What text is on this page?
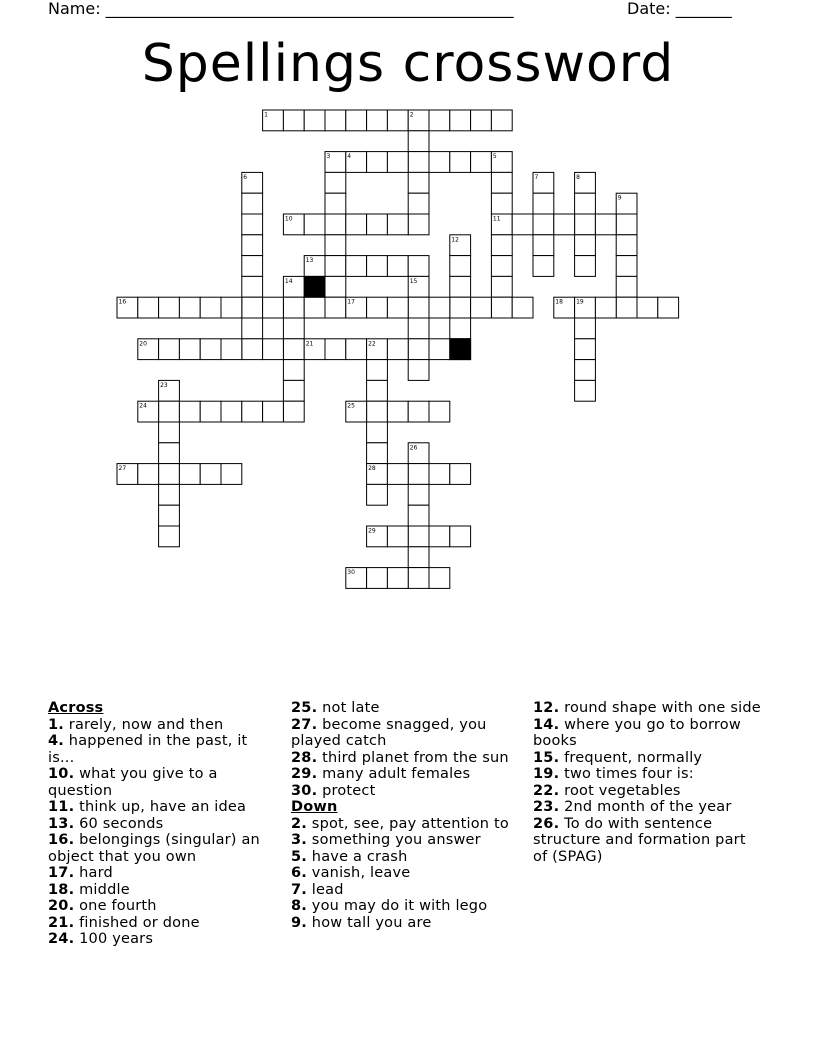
Name: ___________________________________________________	Date: _______
Spellings crossword
1	2
3	4	5
6	7	8
9
10	11
12
13
14	15
16	17	18 19
20	21	22
23
24	25
26
27	28
29
30
Across
1. rarely, now and then
4. happened in the past, it is...
10. what you give to a question
11. think up, have an idea
13. 60 seconds
16. belongings (singular) an object that you own
17. hard
18. middle
20. one fourth
21. finished or done
24. 100 years
25. not late
27. become snagged, you played catch
28. third planet from the sun
29. many adult females
30. protect
Down
2. spot, see, pay attention to
3. something you answer
5. have a crash
6. vanish, leave
7. lead
8. you may do it with lego
9. how tall you are
12. round shape with one side
14. where you go to borrow books
15. frequent, normally
19. two times four is:
22. root vegetables
23. 2nd month of the year
26. To do with sentence structure and formation part of (SPAG)
